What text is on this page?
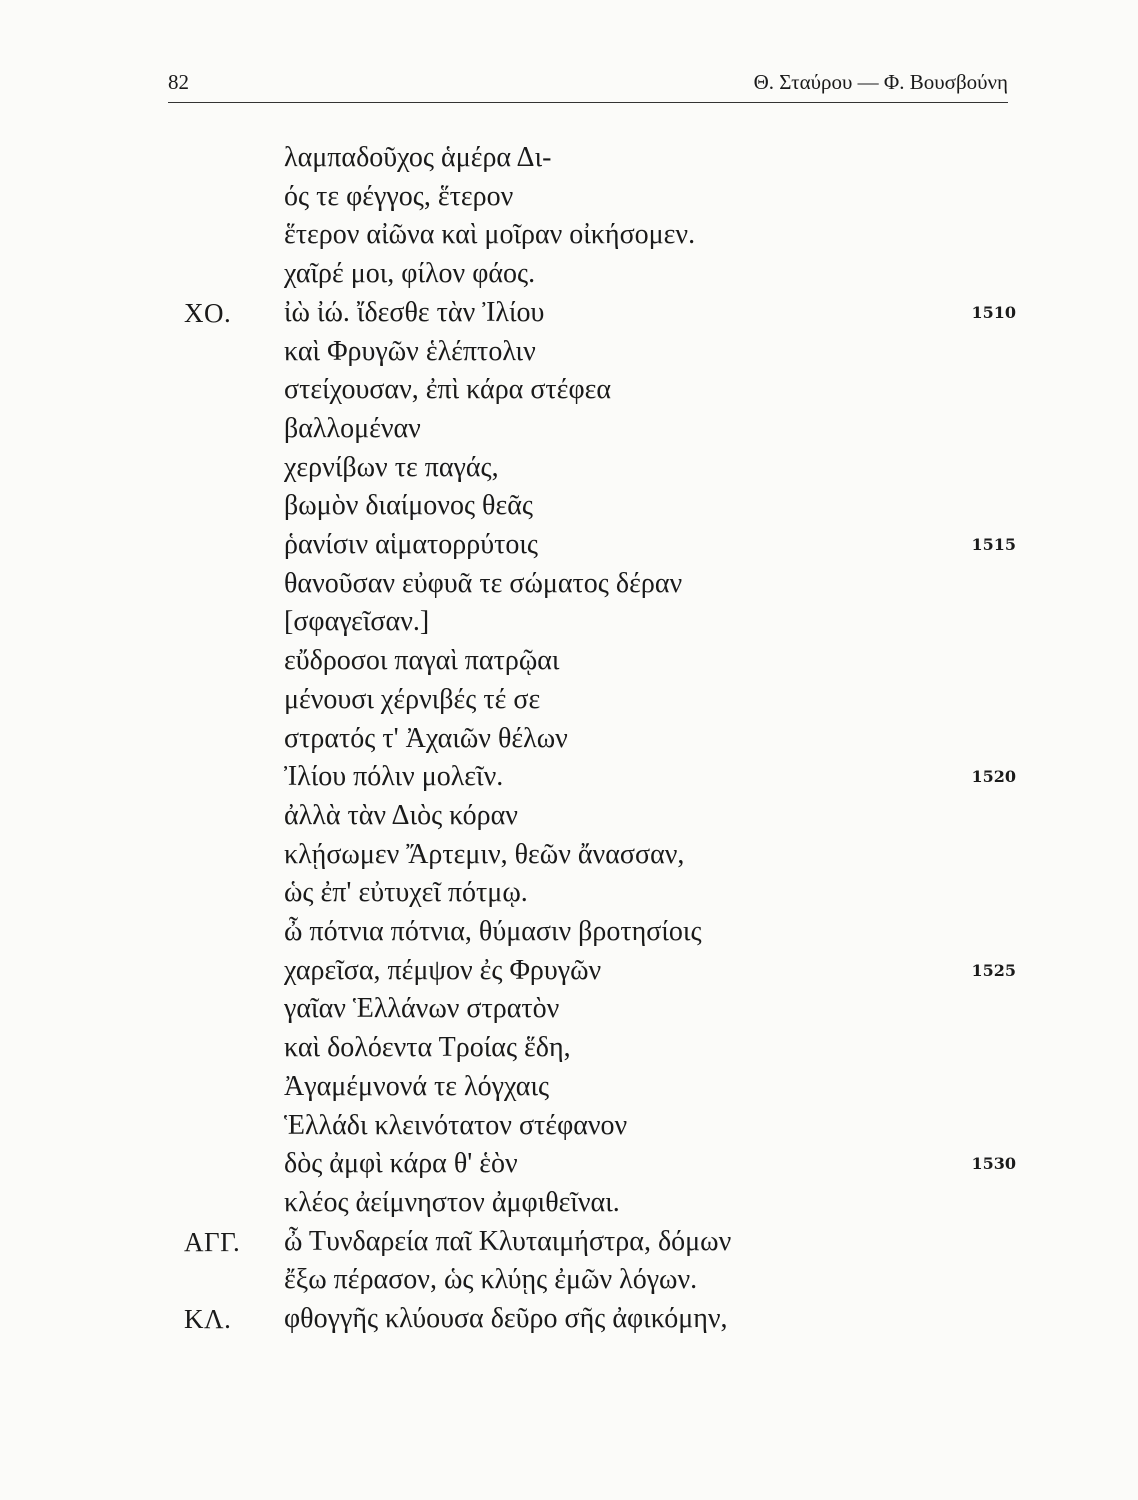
82	Θ. Σταύρου — Φ. Βουσβούνη
λαμπαδοῦχος ἁμέρα Δι-
ός τε φέγγος, ἕτερον
ἕτερον αἰῶνα καὶ μοῖραν οἰκήσομεν.
χαῖρέ μοι, φίλον φάος.
ΧΟ. ἰὼ ἰώ. ἴδεσθε τὰν Ἰλίου	1510
καὶ Φρυγῶν ἑλέπτολιν
στείχουσαν, ἐπὶ κάρα στέφεα
βαλλομέναν
χερνίβων τε παγάς,
βωμὸν διαίμονος θεᾶς
ῥανίσιν αἱματορρύτοις	1515
θανοῦσαν εὐφυᾶ τε σώματος δέραν
[σφαγεῖσαν.]
εὔδροσοι παγαὶ πατρῷαι
μένουσι χέρνιβές τέ σε
στρατός τ' Ἀχαιῶν θέλων
Ἰλίου πόλιν μολεῖν.	1520
ἀλλὰ τὰν Διὸς κόραν
κλῄσωμεν Ἄρτεμιν, θεῶν ἄνασσαν,
ὡς ἐπ' εὐτυχεῖ πότμῳ.
ὦ πότνια πότνια, θύμασιν βροτησίοις
χαρεῖσα, πέμψον ἐς Φρυγῶν	1525
γαῖαν Ἑλλάνων στρατὸν
καὶ δολόεντα Τροίας ἕδη,
Ἀγαμέμνονά τε λόγχαις
Ἑλλάδι κλεινότατον στέφανον
δὸς ἀμφὶ κάρα θ' ἑὸν	1530
κλέος ἀείμνηστον ἀμφιθεῖναι.
ΑΓΓ. ὦ Τυνδαρεία παῖ Κλυταιμήστρα, δόμων
ἔξω πέρασον, ὡς κλύῃς ἐμῶν λόγων.
ΚΛ. φθογγῆς κλύουσα δεῦρο σῆς ἀφικόμην,
